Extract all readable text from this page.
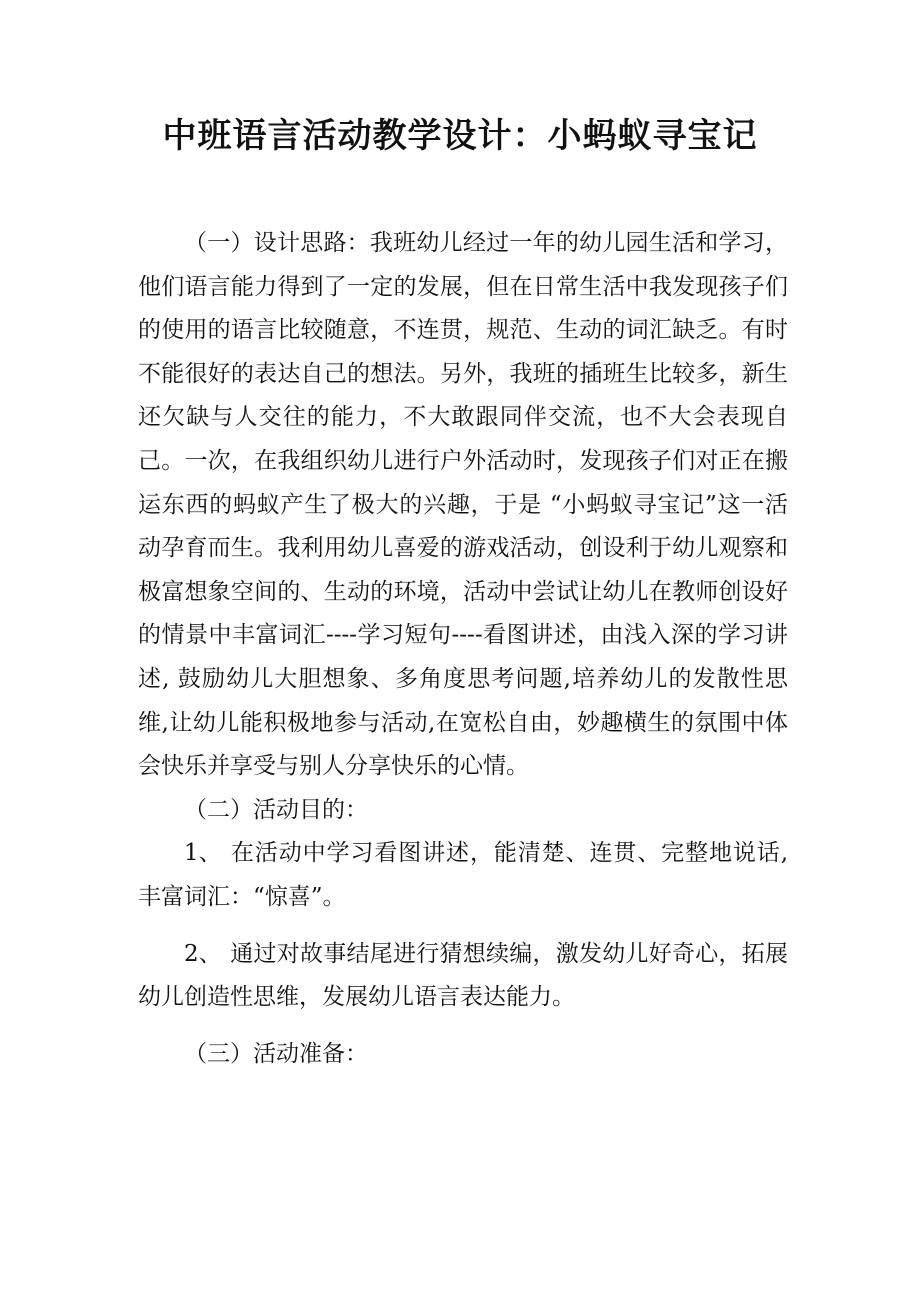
中班语言活动教学设计：小蚂蚁寻宝记

（一）设计思路：我班幼儿经过一年的幼儿园生活和学习，他们语言能力得到了一定的发展，但在日常生活中我发现孩子们的使用的语言比较随意，不连贯，规范、生动的词汇缺乏。有时不能很好的表达自己的想法。另外，我班的插班生比较多，新生还欠缺与人交往的能力，不大敢跟同伴交流，也不大会表现自己。一次，在我组织幼儿进行户外活动时，发现孩子们对正在搬运东西的蚂蚁产生了极大的兴趣，于是 “小蚂蚁寻宝记”这一活动孕育而生。我利用幼儿喜爱的游戏活动，创设利于幼儿观察和极富想象空间的、生动的环境，活动中尝试让幼儿在教师创设好的情景中丰富词汇----学习短句----看图讲述，由浅入深的学习讲述, 鼓励幼儿大胆想象、多角度思考问题,培养幼儿的发散性思维,让幼儿能积极地参与活动,在宽松自由，妙趣横生的氛围中体会快乐并享受与别人分享快乐的心情。

（二）活动目的：

1、 在活动中学习看图讲述，能清楚、连贯、完整地说话,丰富词汇：“惊喜”。

2、 通过对故事结尾进行猜想续编，激发幼儿好奇心，拓展幼儿创造性思维，发展幼儿语言表达能力。

（三）活动准备：
